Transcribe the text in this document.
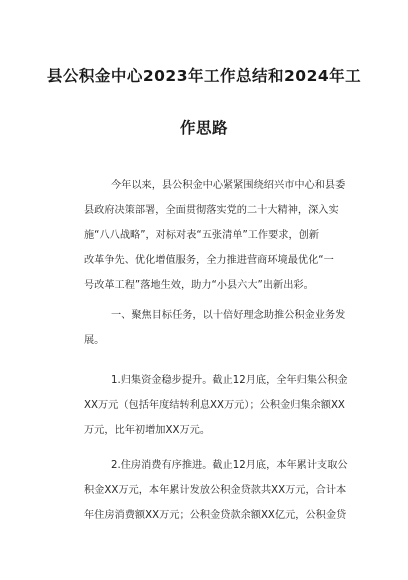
县公积金中心2023年工作总结和2024年工
作思路
今年以来，县公积金中心紧紧围绕绍兴市中心和县委
县政府决策部署，全面贯彻落实党的二十大精神，深入实
施“八八战略”，对标对表“五张清单”工作要求，创新
改革争先、优化增值服务，全力推进营商环境最优化“一
号改革工程”落地生效，助力“小县六大”出新出彩。
一、聚焦目标任务，以十倍好理念助推公积金业务发
展。
1.归集资金稳步提升。截止12月底，全年归集公积金
XX万元（包括年度结转利息XX万元）；公积金归集余额XX
万元，比年初增加XX万元。
2.住房消费有序推进。截止12月底，本年累计支取公
积金XX万元，本年累计发放公积金贷款共XX万元，合计本
年住房消费额XX万元；公积金贷款余额XX亿元，公积金贷
